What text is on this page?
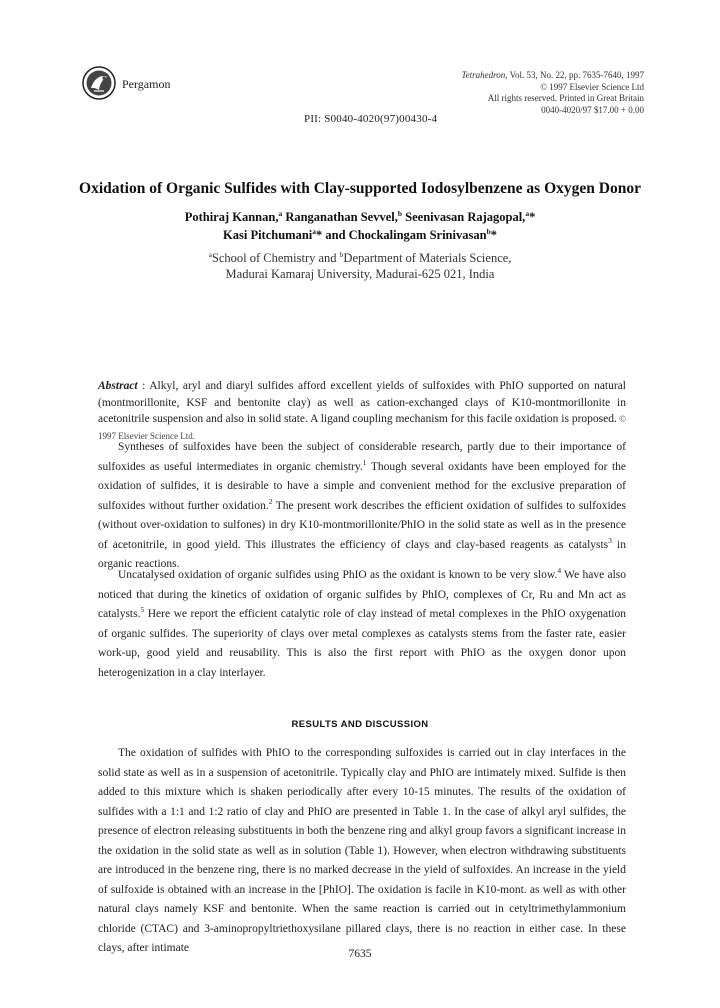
Pergamon
Tetrahedron, Vol. 53, No. 22, pp. 7635-7640, 1997
© 1997 Elsevier Science Ltd
All rights reserved. Printed in Great Britain
0040-4020/97 $17.00 + 0.00
PII: S0040-4020(97)00430-4
Oxidation of Organic Sulfides with Clay-supported Iodosylbenzene as Oxygen Donor
Pothiraj Kannan,$^a$ Ranganathan Sevvel,$^b$ Seenivasan Rajagopal,$^a$*
Kasi Pitchumani$^a$* and Chockalingam Srinivasan$^b$*
$^a$School of Chemistry and $^b$Department of Materials Science,
Madurai Kamaraj University, Madurai-625 021, India
Abstract : Alkyl, aryl and diaryl sulfides afford excellent yields of sulfoxides with PhIO supported on natural (montmorillonite, KSF and bentonite clay) as well as cation-exchanged clays of K10-montmorillonite in acetonitrile suspension and also in solid state. A ligand coupling mechanism for this facile oxidation is proposed. © 1997 Elsevier Science Ltd.
Syntheses of sulfoxides have been the subject of considerable research, partly due to their importance of sulfoxides as useful intermediates in organic chemistry.$^1$ Though several oxidants have been employed for the oxidation of sulfides, it is desirable to have a simple and convenient method for the exclusive preparation of sulfoxides without further oxidation.$^2$ The present work describes the efficient oxidation of sulfides to sulfoxides (without over-oxidation to sulfones) in dry K10-montmorillonite/PhIO in the solid state as well as in the presence of acetonitrile, in good yield. This illustrates the efficiency of clays and clay-based reagents as catalysts$^3$ in organic reactions.
Uncatalysed oxidation of organic sulfides using PhIO as the oxidant is known to be very slow.$^4$ We have also noticed that during the kinetics of oxidation of organic sulfides by PhIO, complexes of Cr, Ru and Mn act as catalysts.$^5$ Here we report the efficient catalytic role of clay instead of metal complexes in the PhIO oxygenation of organic sulfides. The superiority of clays over metal complexes as catalysts stems from the faster rate, easier work-up, good yield and reusability. This is also the first report with PhIO as the oxygen donor upon heterogenization in a clay interlayer.
RESULTS AND DISCUSSION
The oxidation of sulfides with PhIO to the corresponding sulfoxides is carried out in clay interfaces in the solid state as well as in a suspension of acetonitrile. Typically clay and PhIO are intimately mixed. Sulfide is then added to this mixture which is shaken periodically after every 10-15 minutes. The results of the oxidation of sulfides with a 1:1 and 1:2 ratio of clay and PhIO are presented in Table 1. In the case of alkyl aryl sulfides, the presence of electron releasing substituents in both the benzene ring and alkyl group favors a significant increase in the oxidation in the solid state as well as in solution (Table 1). However, when electron withdrawing substituents are introduced in the benzene ring, there is no marked decrease in the yield of sulfoxides. An increase in the yield of sulfoxide is obtained with an increase in the [PhIO]. The oxidation is facile in K10-mont. as well as with other natural clays namely KSF and bentonite. When the same reaction is carried out in cetyltrimethylammonium chloride (CTAC) and 3-aminopropyltriethoxysilane pillared clays, there is no reaction in either case. In these clays, after intimate	7635
